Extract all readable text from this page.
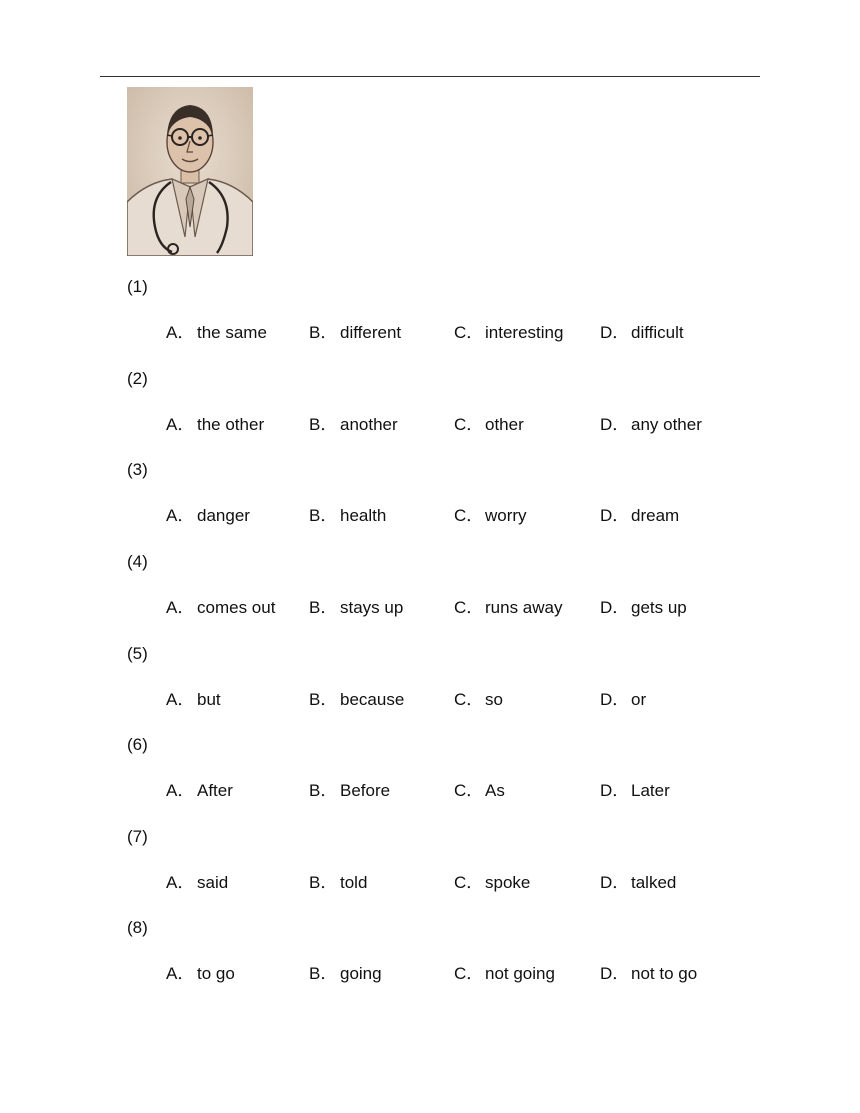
(1)
A． the same B． different	C． interesting D． difficult
(2)
A． the other	B． another	C． other	D． any other
(3)
A． danger	B． health	C． worry	D． dream
(4)
A． comes out B． stays up	C． runs away D． gets up
(5)
A． but	B． because	C． so	D． or
(6)
A． After	B． Before	C． As	D． Later
(7)
A． said	B． told	C． spoke	D． talked
(8)
A． to go	B． going	C． not going	D． not to go
